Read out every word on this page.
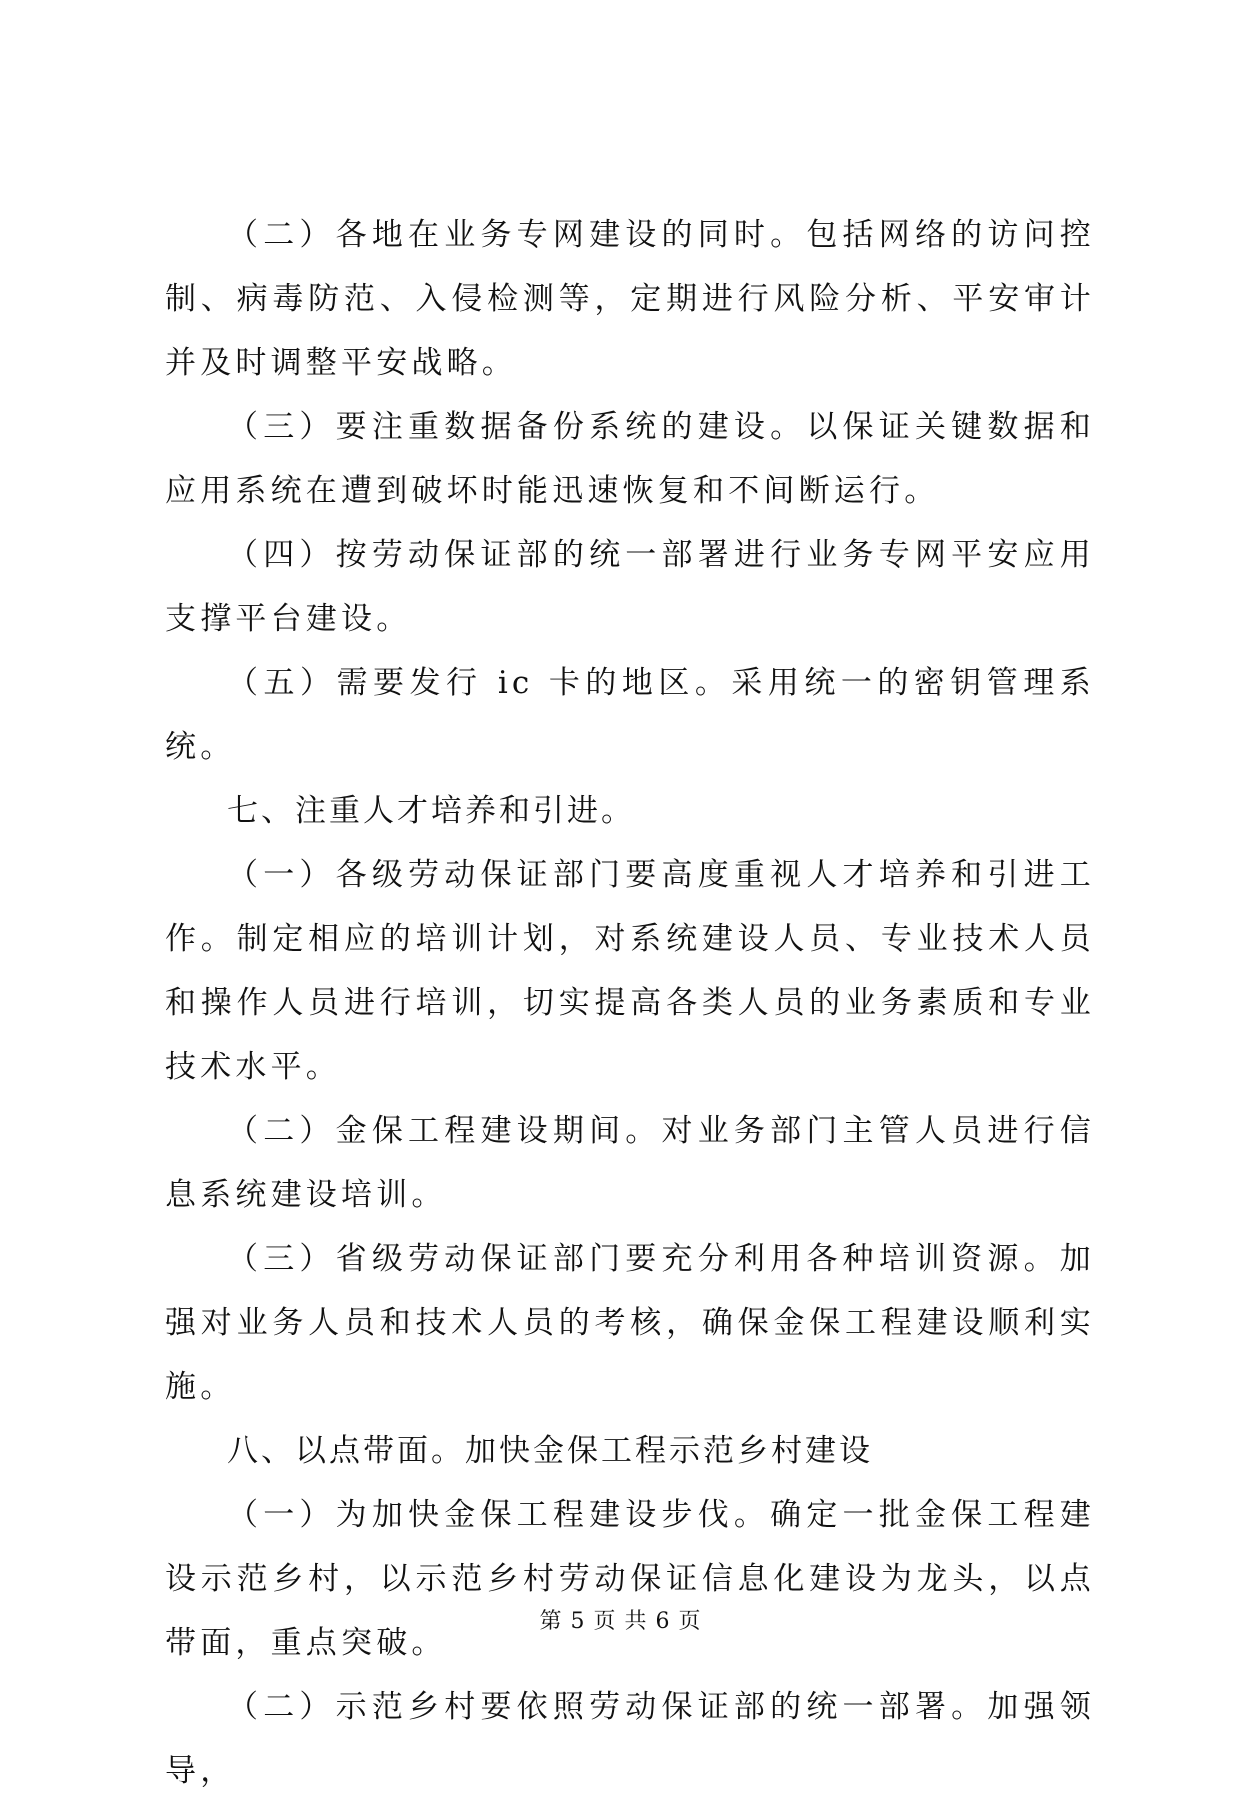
（二）各地在业务专网建设的同时。包括网络的访问控制、病毒防范、入侵检测等，定期进行风险分析、平安审计并及时调整平安战略。

（三）要注重数据备份系统的建设。以保证关键数据和应用系统在遭到破坏时能迅速恢复和不间断运行。

（四）按劳动保证部的统一部署进行业务专网平安应用支撑平台建设。

（五）需要发行 ic 卡的地区。采用统一的密钥管理系统。

七、注重人才培养和引进。

（一）各级劳动保证部门要高度重视人才培养和引进工作。制定相应的培训计划，对系统建设人员、专业技术人员和操作人员进行培训，切实提高各类人员的业务素质和专业技术水平。

（二）金保工程建设期间。对业务部门主管人员进行信息系统建设培训。

（三）省级劳动保证部门要充分利用各种培训资源。加强对业务人员和技术人员的考核，确保金保工程建设顺利实施。

八、以点带面。加快金保工程示范乡村建设

（一）为加快金保工程建设步伐。确定一批金保工程建设示范乡村，以示范乡村劳动保证信息化建设为龙头，以点带面，重点突破。

（二）示范乡村要依照劳动保证部的统一部署。加强领导，

第 5 页 共 6 页
